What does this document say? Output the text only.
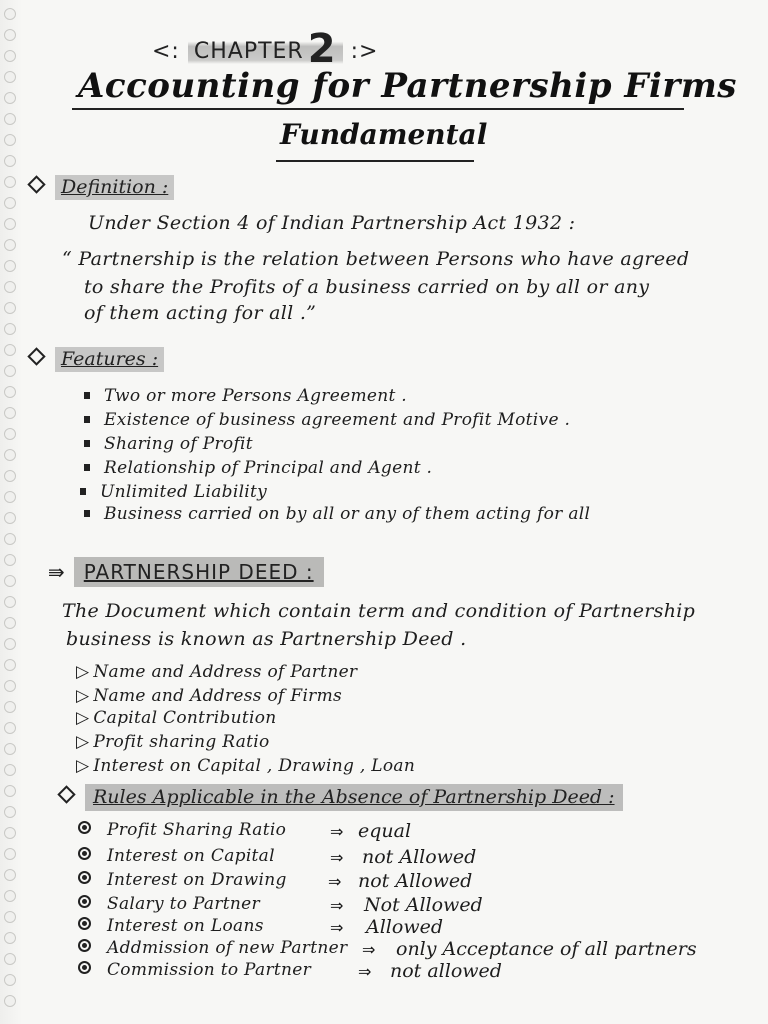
<: CHAPTER 2 :>
Accounting for Partnership Firms
Fundamental
Definition :
Under Section 4 of Indian Partnership Act 1932 :
“ Partnership is the relation between Persons who have agreed
to share the Profits of a business carried on by all or any
of them acting for all .”
Features :
Two or more Persons Agreement .
Existence of business agreement and Profit Motive .
Sharing of Profit
Relationship of Principal and Agent .
Unlimited Liability
Business carried on by all or any of them acting for all
⇛ PARTNERSHIP DEED :
The Document which contain term and condition of Partnership
business is known as Partnership Deed .
▷ Name and Address of Partner
▷ Name and Address of Firms
▷ Capital Contribution
▷ Profit sharing Ratio
▷ Interest on Capital , Drawing , Loan
Rules Applicable in the Absence of Partnership Deed :
Profit Sharing Ratio	⇒ equal
Interest on Capital	⇒ not Allowed
Interest on Drawing	⇒ not Allowed
Salary to Partner	⇒ Not Allowed
Interest on Loans	⇒ Allowed
Addmission of new Partner ⇒ only Acceptance of all partners
Commission to Partner	⇒ not allowed
